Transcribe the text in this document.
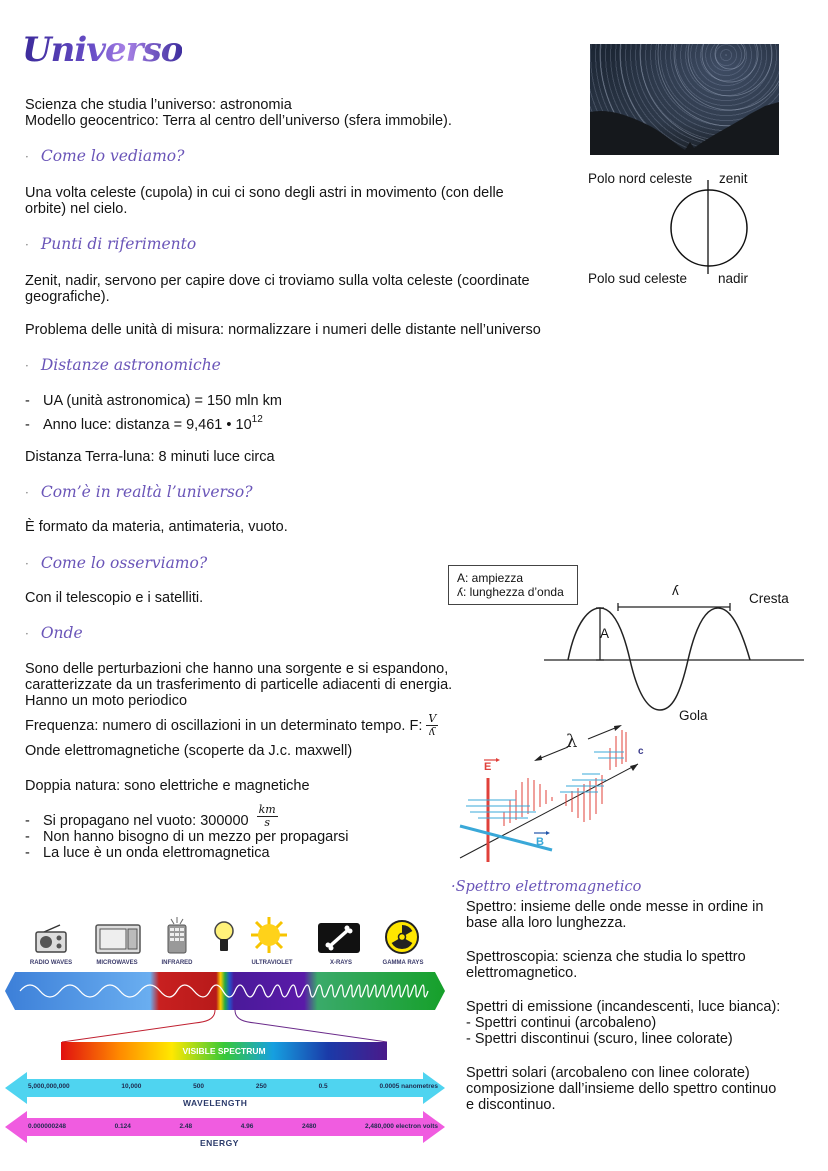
Universo
Scienza che studia l’universo: astronomia
Modello geocentrico: Terra al centro dell’universo (sfera immobile).
· Come lo vediamo?
Una volta celeste (cupola) in cui ci sono degli astri in movimento (con delle
orbite) nel cielo.
· Punti di riferimento
Zenit, nadir, servono per capire dove ci troviamo sulla volta celeste (coordinate
geografiche).
Problema delle unità di misura: normalizzare i numeri delle distante nell’universo
· Distanze astronomiche
- UA (unità astronomica) = 150 mln km
- Anno luce: distanza = 9,461 • $10^{12}$
Distanza Terra-luna: 8 minuti luce circa
· Com’è in realtà l’universo?
È formato da materia, antimateria, vuoto.
· Come lo osserviamo?
Con il telescopio e i satelliti.
· Onde
Sono delle perturbazioni che hanno una sorgente e si espandono,
caratterizzate da un trasferimento di particelle adiacenti di energia.
Hanno un moto periodico
Frequenza: numero di oscillazioni in un determinato tempo. F: $\frac{V}{\text{ʎ}}$
Onde elettromagnetiche (scoperte da J.c. maxwell)
Doppia natura: sono elettriche e magnetiche
- Si propagano nel vuoto: $300000 \frac{km}{s}$
- Non hanno bisogno di un mezzo per propagarsi
- La luce è un onda elettromagnetica
Polo nord celeste zenit
Polo sud celeste nadir
A: ampiezza
ʎ: lunghezza d’onda
A
ʎ
Cresta
Gola
λ
E
B
c
·Spettro elettromagnetico
Spettro: insieme delle onde messe in ordine in
base alla loro lunghezza.
Spettroscopia: scienza che studia lo spettro
elettromagnetico.
Spettri di emissione (incandescenti, luce bianca):
- Spettri continui (arcobaleno)
- Spettri discontinui (scuro, linee colorate)
Spettri solari (arcobaleno con linee colorate)
composizione dall’insieme dello spettro continuo
e discontinuo.
RADIO WAVES	MICROWAVES	INFRARED	ULTRAVIOLET	X-RAYS	GAMMA RAYS
VISIBLE SPECTRUM
5,000,000,000	10,000	500	250	0.5	0.0005 nanometres
WAVELENGTH
0.000000248	0.124	2.48	4.96	2480	2,480,000 electron volts
ENERGY
